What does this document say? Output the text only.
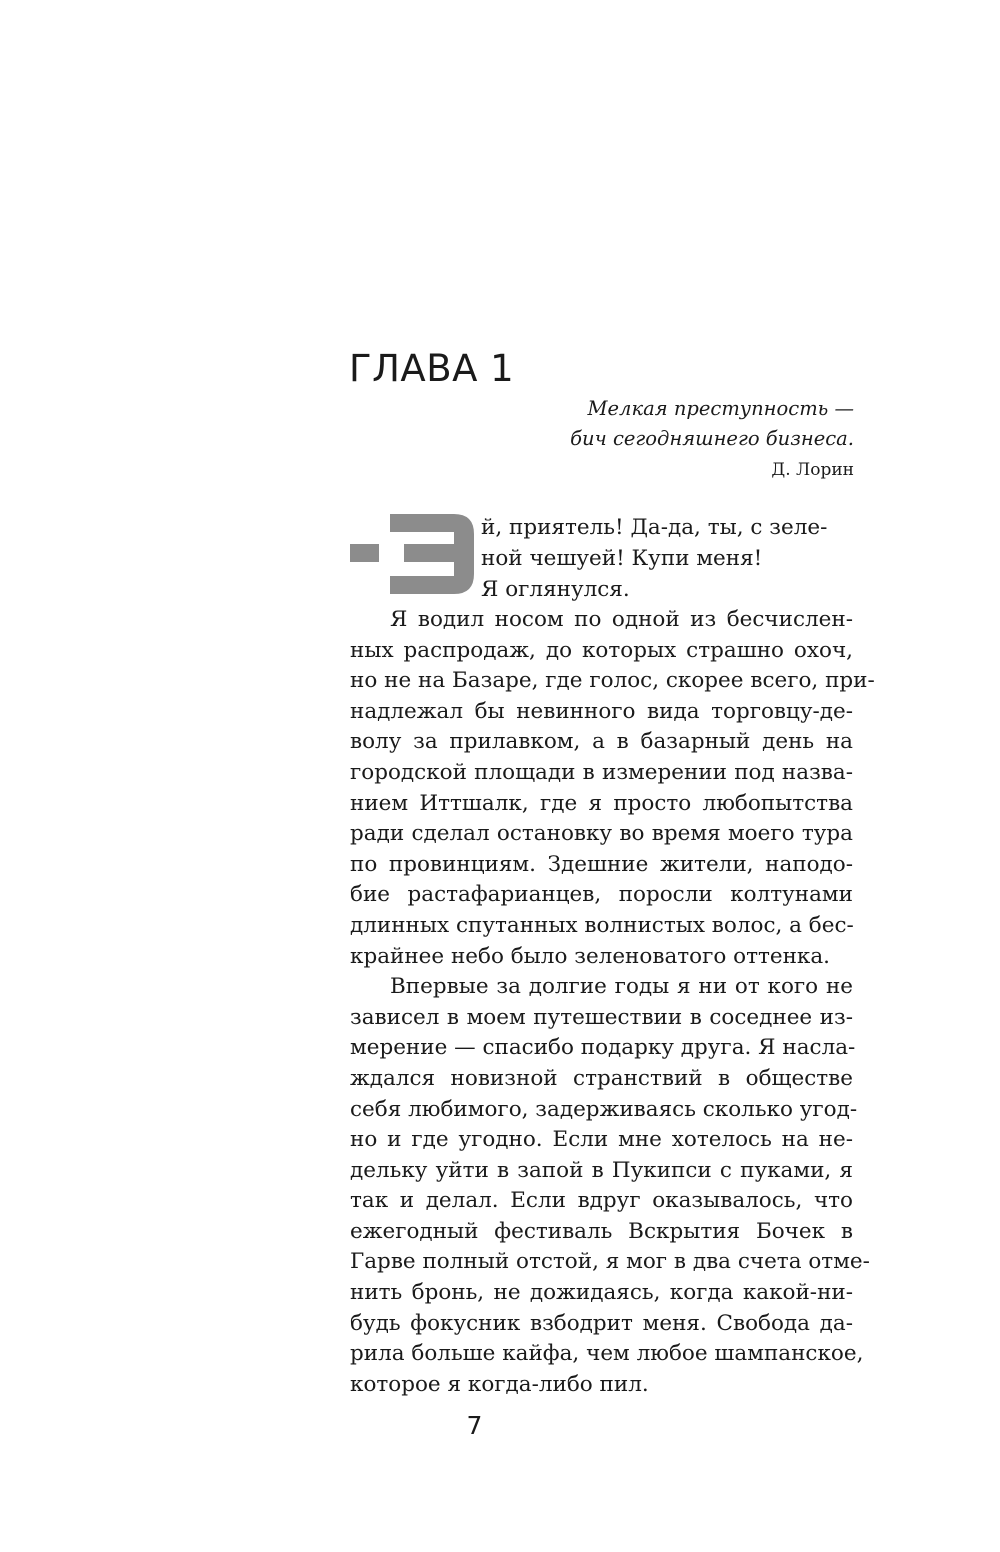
ГЛАВА 1
Мелкая преступность —
бич сегодняшнего бизнеса.
Д. Лорин
й, приятель! Да-да, ты, с зеле-
ной чешуей! Купи меня!
Я оглянулся.
Я водил носом по одной из бесчислен-
ных распродаж, до которых страшно охоч,
но не на Базаре, где голос, скорее всего, при-
надлежал бы невинного вида торговцу-де-
волу за прилавком, а в базарный день на
городской площади в измерении под назва-
нием Иттшалк, где я просто любопытства
ради сделал остановку во время моего тура
по провинциям. Здешние жители, наподо-
бие растафарианцев, поросли колтунами
длинных спутанных волнистых волос, а бес-
крайнее небо было зеленоватого оттенка.
Впервые за долгие годы я ни от кого не
зависел в моем путешествии в соседнее из-
мерение — спасибо подарку друга. Я насла-
ждался новизной странствий в обществе
себя любимого, задерживаясь сколько угод-
но и где угодно. Если мне хотелось на не-
дельку уйти в запой в Пукипси с пуками, я
так и делал. Если вдруг оказывалось, что
ежегодный фестиваль Вскрытия Бочек в
Гарве полный отстой, я мог в два счета отме-
нить бронь, не дожидаясь, когда какой-ни-
будь фокусник взбодрит меня. Свобода да-
рила больше кайфа, чем любое шампанское,
которое я когда-либо пил.
7
